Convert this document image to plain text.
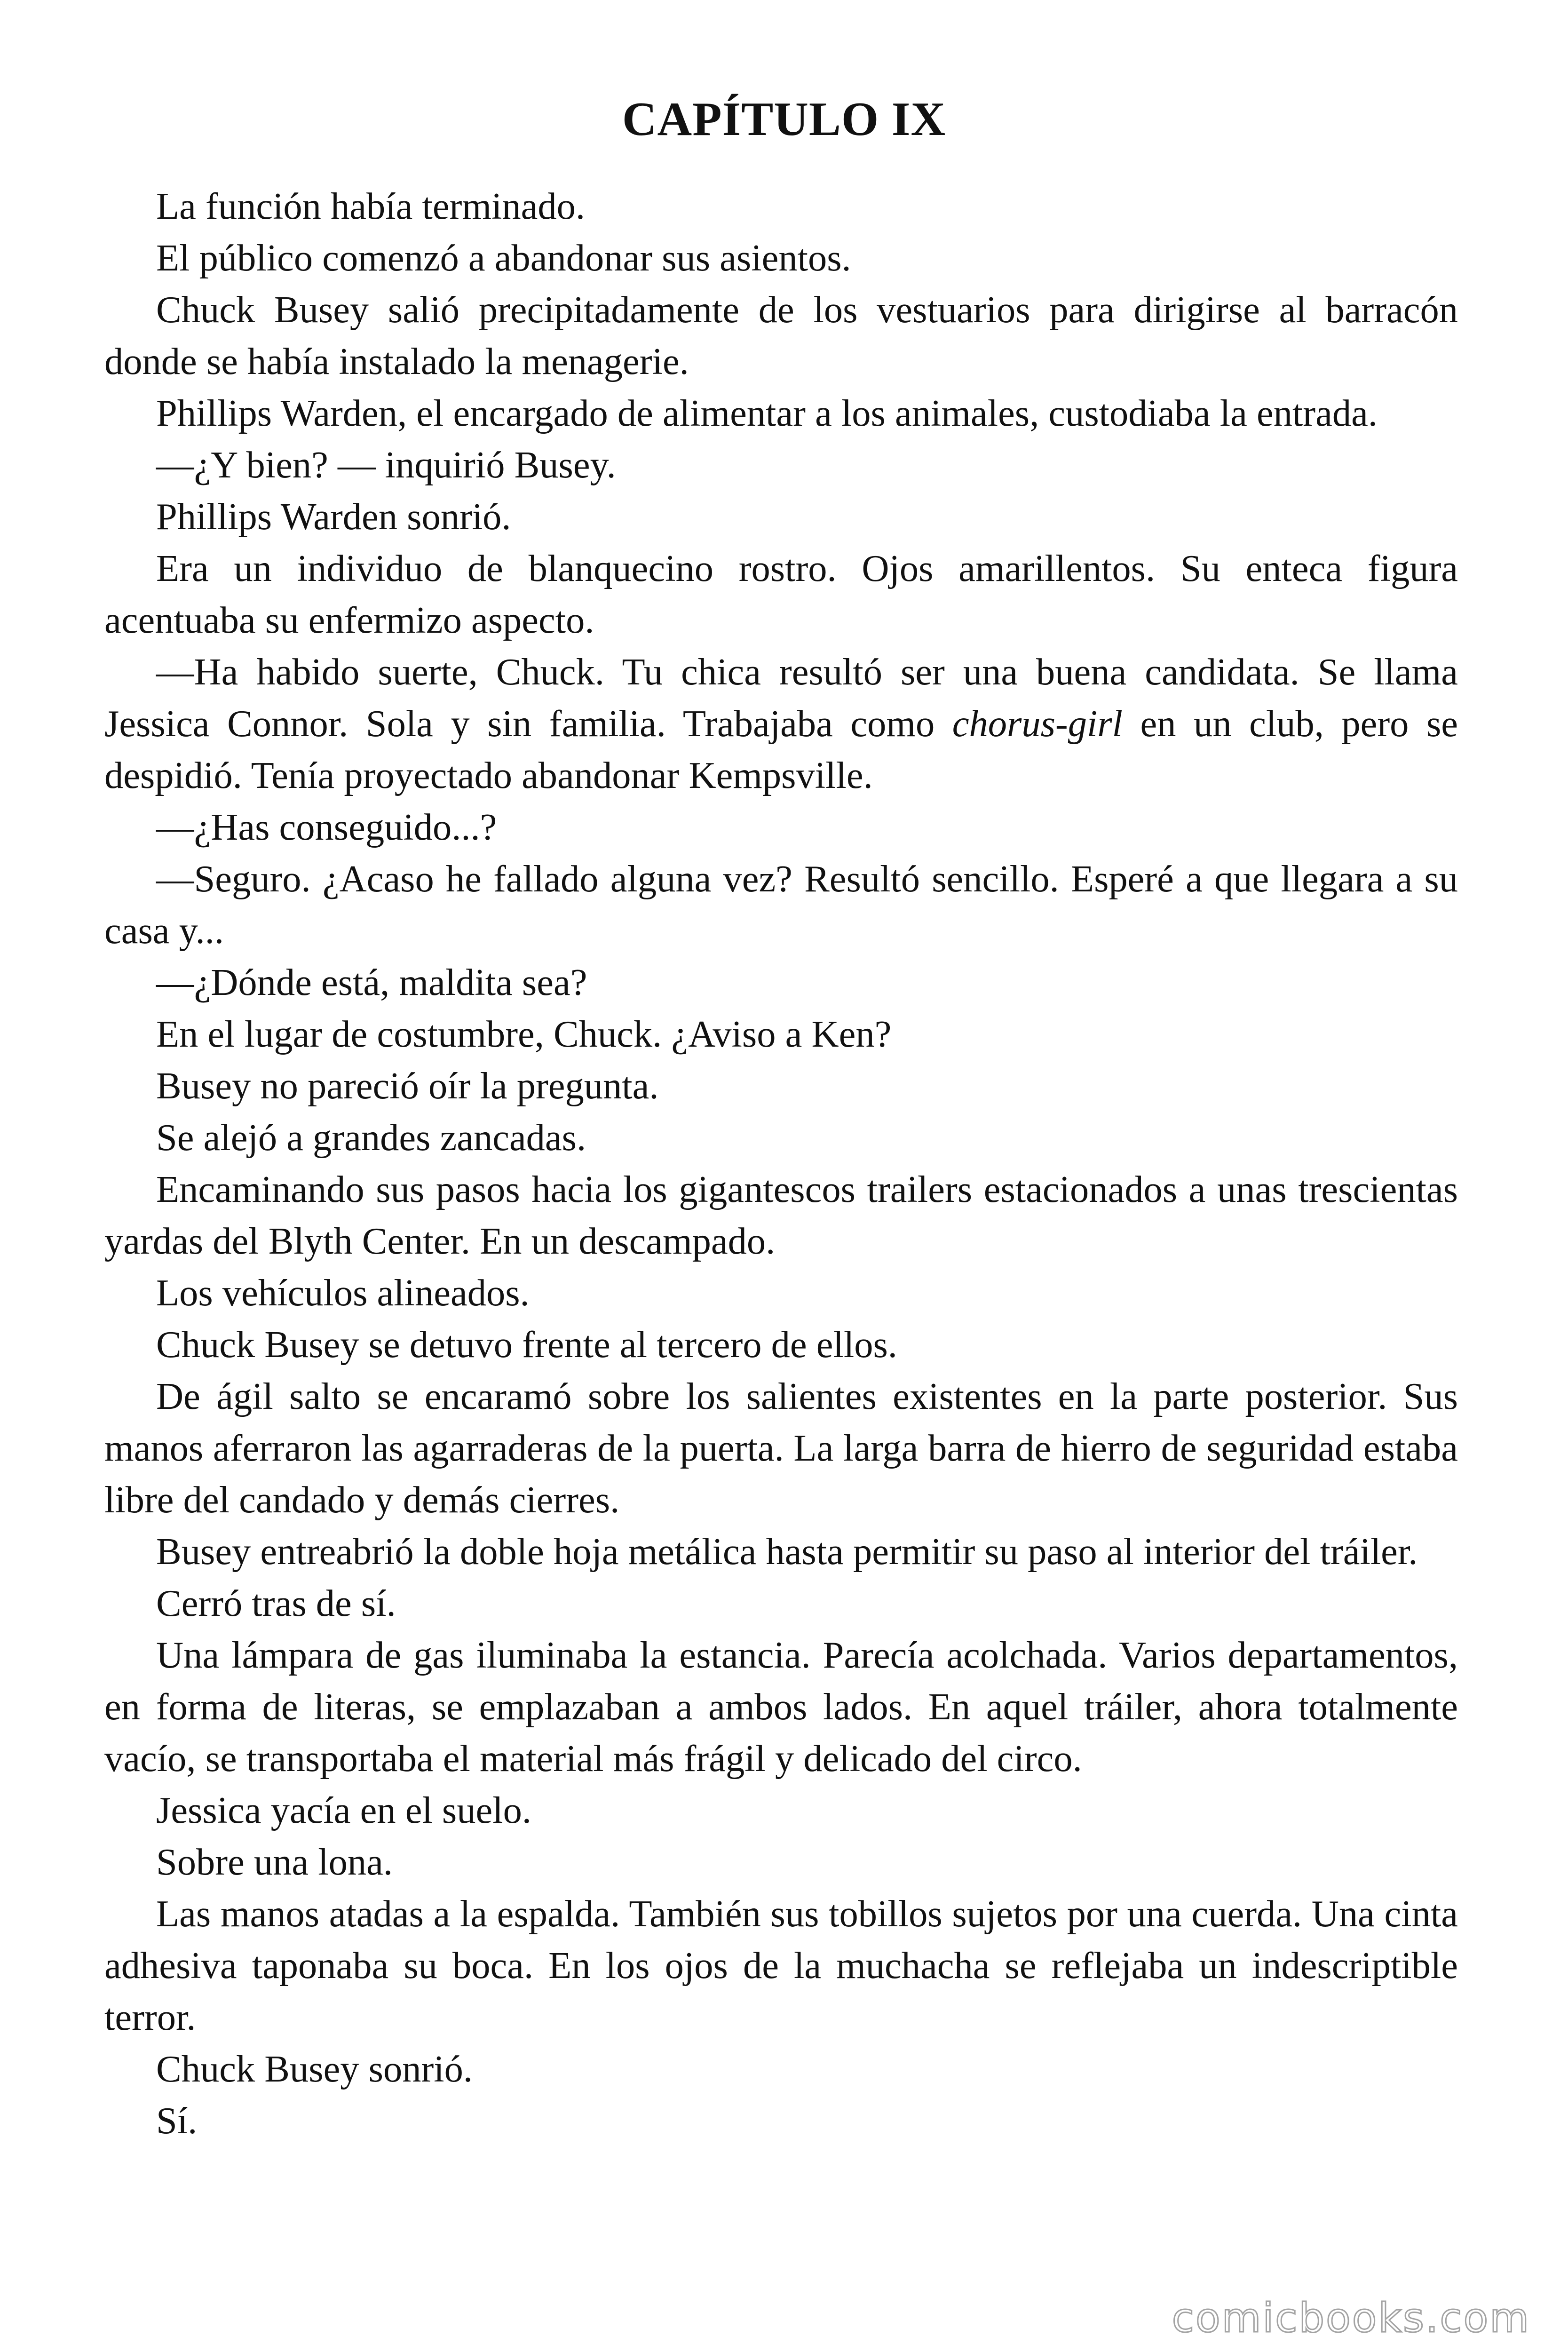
CAPÍTULO IX

La función había terminado.

El público comenzó a abandonar sus asientos.

Chuck Busey salió precipitadamente de los vestuarios para dirigirse al barracón donde se había instalado la menagerie.

Phillips Warden, el encargado de alimentar a los animales, custodiaba la entrada.

—¿Y bien? — inquirió Busey.

Phillips Warden sonrió.

Era un individuo de blanquecino rostro. Ojos amarillentos. Su enteca figura acentuaba su enfermizo aspecto.

—Ha habido suerte, Chuck. Tu chica resultó ser una buena candidata. Se llama Jessica Connor. Sola y sin familia. Trabajaba como chorus-girl en un club, pero se despidió. Tenía proyectado abandonar Kempsville.

—¿Has conseguido...?

—Seguro. ¿Acaso he fallado alguna vez? Resultó sencillo. Esperé a que llegara a su casa y...

—¿Dónde está, maldita sea?

En el lugar de costumbre, Chuck. ¿Aviso a Ken?

Busey no pareció oír la pregunta.

Se alejó a grandes zancadas.

Encaminando sus pasos hacia los gigantescos trailers estacionados a unas trescientas yardas del Blyth Center. En un descampado.

Los vehículos alineados.

Chuck Busey se detuvo frente al tercero de ellos.

De ágil salto se encaramó sobre los salientes existentes en la parte posterior. Sus manos aferraron las agarraderas de la puerta. La larga barra de hierro de seguridad estaba libre del candado y demás cierres.

Busey entreabrió la doble hoja metálica hasta permitir su paso al interior del tráiler.

Cerró tras de sí.

Una lámpara de gas iluminaba la estancia. Parecía acolchada. Varios departamentos, en forma de literas, se emplazaban a ambos lados. En aquel tráiler, ahora totalmente vacío, se transportaba el material más frágil y delicado del circo.

Jessica yacía en el suelo.

Sobre una lona.

Las manos atadas a la espalda. También sus tobillos sujetos por una cuerda. Una cinta adhesiva taponaba su boca. En los ojos de la muchacha se reflejaba un indescriptible terror.

Chuck Busey sonrió.

Sí.

comicbooks.com
